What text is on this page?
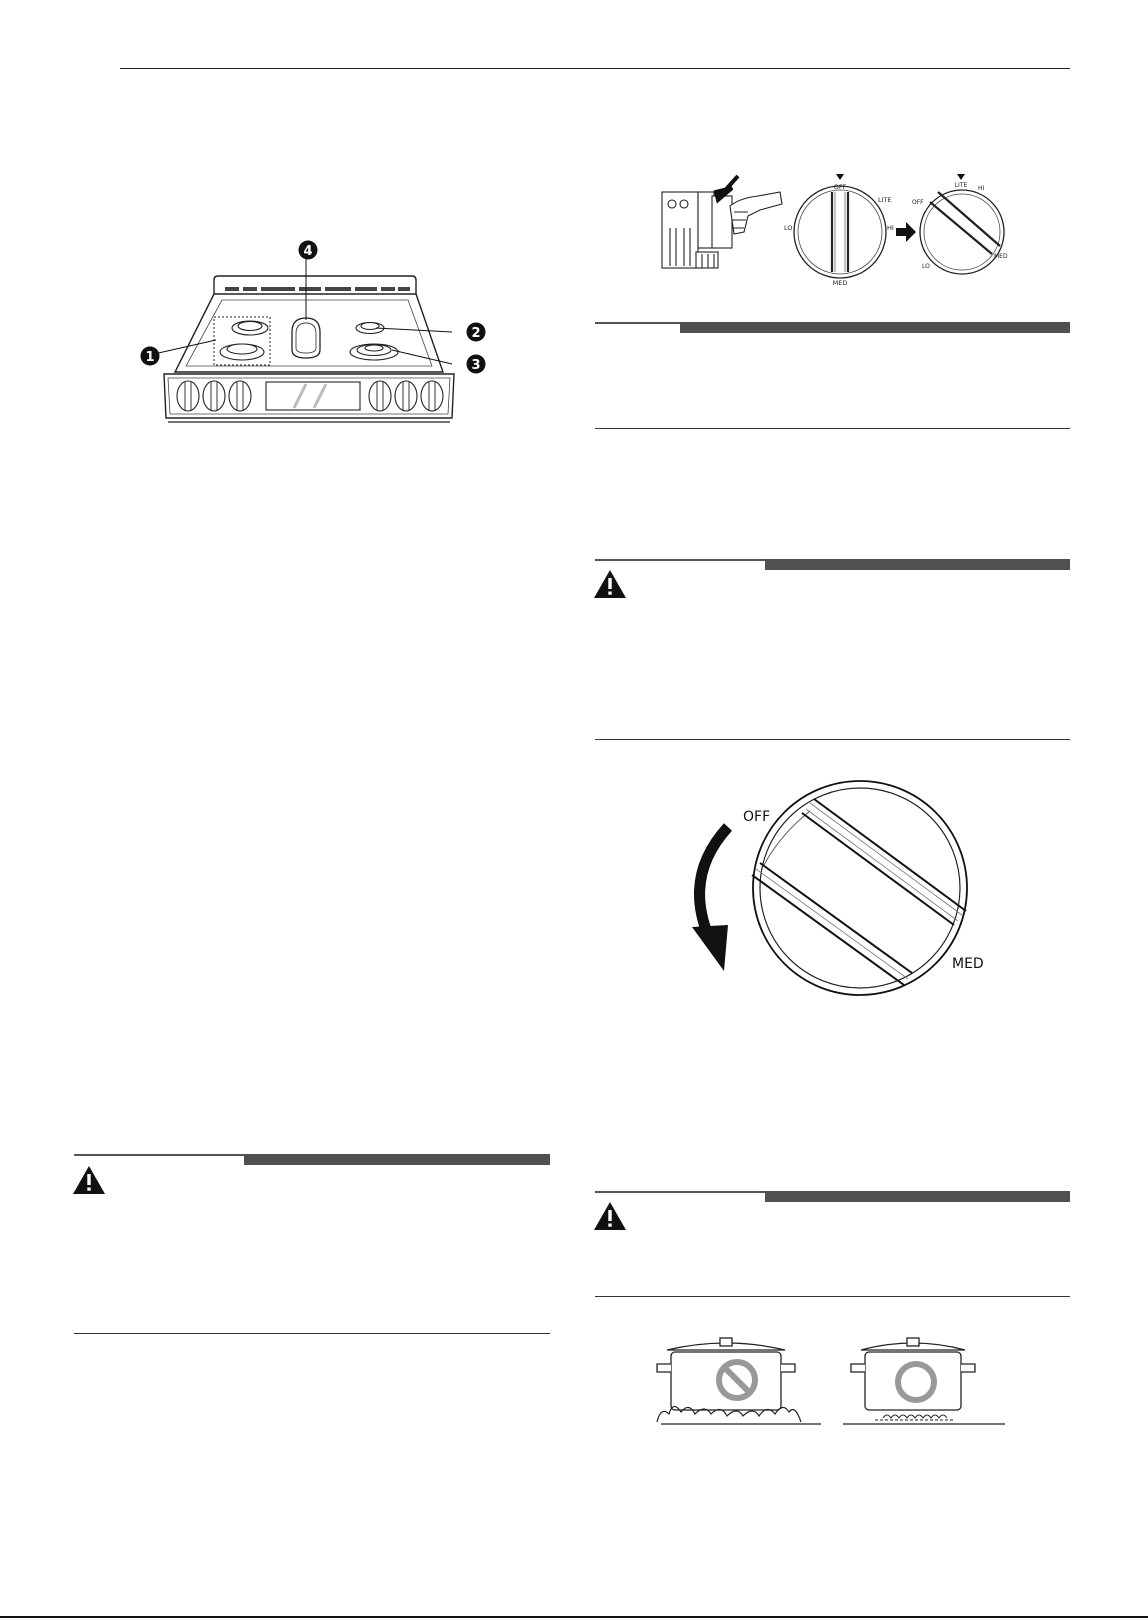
4
1
2
3
OFF
LITE
HI
LO
MED
LITE HI
OFF
LO
MED
OFF
MED
